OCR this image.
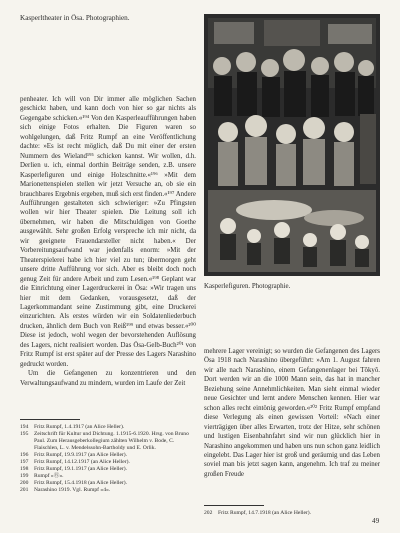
Kasperltheater in Ösa. Photographien.

penheater. Ich will von Dir immer alle möglichen Sachen geschickt haben, und kann doch von hier so gar nichts als Gegengabe schicken.«¹⁹⁴ Von den Kasperleaufführungen haben sich einige Fotos erhalten. Die Figuren waren so wohlgelungen, daß Fritz Rumpf an eine Veröffentlichung dachte: »Es ist recht möglich, daß Du mit einer der ersten Nummern des Wieland¹⁹⁵ schicken kannst. Wir wollen, d.h. Derlien u. ich, einmal dorthin Beiträge senden, z.B. unsere Kasperlefiguren und einige Holzschnitte.«¹⁹⁶ »Mit dem Marionettenspielen stellen wir jetzt Versuche an, ob sie ein brauchbares Ergebnis ergeben, muß sich erst finden.«¹⁹⁷ Andere Aufführungen gestalteten sich schwieriger: »Zu Pfingsten wollen wir hier Theater spielen. Die Leitung soll ich übernehmen, wir haben die Mitschuldigen von Goethe ausgewählt. Sehr großen Erfolg verspreche ich mir nicht, da wir geeignete Frauendarsteller nicht haben.« Der Vorbereitungsaufwand war jedenfalls enorm: »Mit der Theaterspielerei habe ich hier viel zu tun; übermorgen geht unsere dritte Aufführung vor sich. Aber es bleibt doch noch genug Zeit für andere Arbeit und zum Lesen.«¹⁹⁸ Geplant war die Einrichtung einer Lagerdruckerei in Ösa: »Wir tragen uns hier mit dem Gedanken, vorausgesetzt, daß der Lagerkommandant seine Zustimmung gibt, eine Druckerei einzurichten. Als erstes würden wir ein Soldatenliederbuch drucken, ähnlich dem Buch von Reiß¹⁹⁹ und etwas besser.«²⁰⁰ Diese ist jedoch, wohl wegen der bevorstehenden Auflösung des Lagers, nicht realisiert worden. Das Ösa-Gelb-Buch²⁰¹ von Fritz Rumpf ist erst später auf der Presse des Lagers Narashino gedruckt worden.

Um die Gefangenen zu konzentrieren und den Verwaltungsaufwand zu mindern, wurden im Laufe der Zeit

Kasperlefiguren. Photographie.

mehrere Lager vereinigt; so wurden die Gefangenen des Lagers Ösa 1918 nach Narashino übergeführt: »Am 1. August fahren wir alle nach Narashino, einem Gefangenenlager bei Tôkyô. Dort werden wir an die 1000 Mann sein, das hat in mancher Beziehung seine Annehmlichkeiten. Man sieht einmal wieder neue Gesichter und lernt andere Menschen kennen. Hier war schon alles recht eintönig geworden.«²⁰² Fritz Rumpf empfand diese Verlegung als einen gewissen Vorteil: »Nach einer vierträgigen über alles Erwarten, trotz der Hitze, sehr schönen und lustigen Eisenbahnfahrt sind wir nun glücklich hier in Narashino angekommen und haben uns nun schon ganz leidlich eingelebt. Das Lager hier ist groß und geräumig und das Leben soviel man bis jetzt sagen kann, angenehm. Ich traf zu meiner großen Freude

194	Fritz Rumpf, 1.4.1917 (an Alice Heller).
195	Zeitschrift für Kultur und Dichtung. 1.1915-6.1920. Hrsg. von Bruno Paul. Zum Herausgeberkollegium zählten Wilhelm v. Bode, C. Flaischlen, L. v. Mendelssohn-Bartholdy und E. Orlik.
196	Fritz Rumpf, 19.9.1917 (an Alice Heller).
197	Fritz Rumpf, 14.12.1917 (an Alice Heller).
198	Fritz Rumpf, 19.1.1917 (an Alice Heller).
199	Rumpf »Ⓡ«.
200	Fritz Rumpf, 15.4.1918 (an Alice Heller).
201	Narashino 1919. Vgl. Rumpf »4«.
202	Fritz Rumpf, 14.7.1918 (an Alice Heller).
49
